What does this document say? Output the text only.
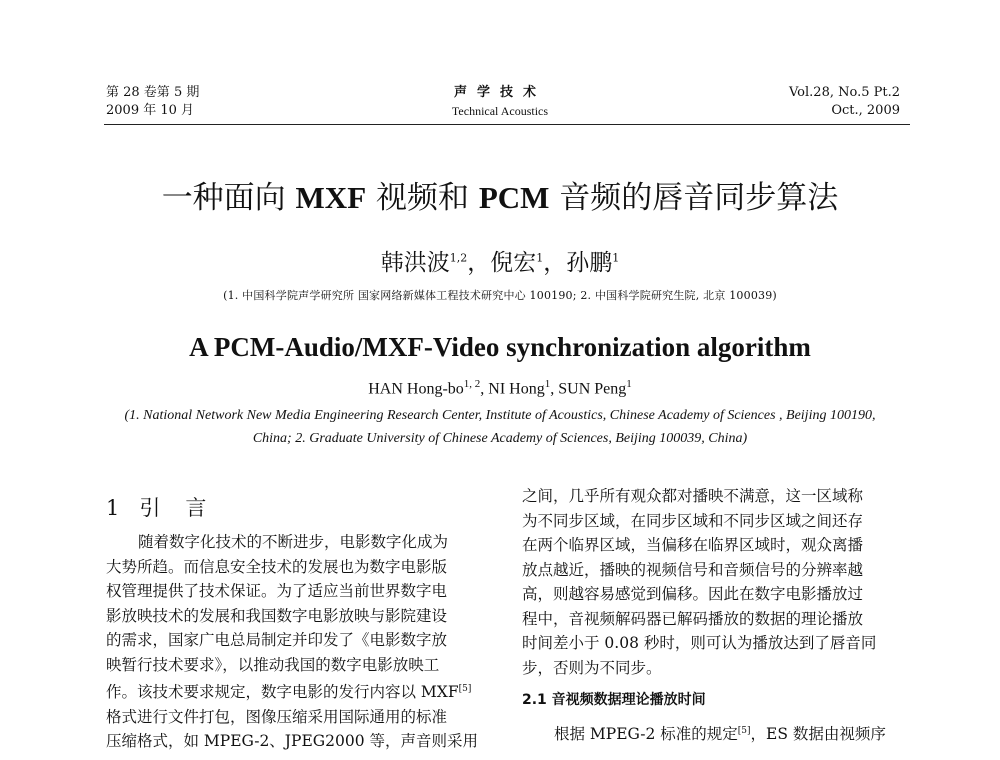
第 28 卷第 5 期
2009 年 10 月
声学技术
Technical Acoustics
Vol.28, No.5 Pt.2
Oct., 2009
一种面向 MXF 视频和 PCM 音频的唇音同步算法
韩洪波$^{1,2}$，倪宏$^1$，孙鹏$^1$
(1. 中国科学院声学研究所 国家网络新媒体工程技术研究中心 100190; 2. 中国科学院研究生院, 北京 100039)
A PCM-Audio/MXF-Video synchronization algorithm
HAN Hong-bo$^{1, 2}$, NI Hong$^1$, SUN Peng$^1$
(1. National Network New Media Engineering Research Center, Institute of Acoustics, Chinese Academy of Sciences , Beijing 100190,
China; 2. Graduate University of Chinese Academy of Sciences, Beijing 100039, China)
1 引　言
随着数字化技术的不断进步，电影数字化成为
大势所趋。而信息安全技术的发展也为数字电影版
权管理提供了技术保证。为了适应当前世界数字电
影放映技术的发展和我国数字电影放映与影院建设
的需求，国家广电总局制定并印发了《电影数字放
映暂行技术要求》，以推动我国的数字电影放映工
作。该技术要求规定，数字电影的发行内容以 MXF[5]
格式进行文件打包，图像压缩采用国际通用的标准
压缩格式，如 MPEG-2、JPEG2000 等，声音则采用
之间，几乎所有观众都对播映不满意，这一区域称
为不同步区域，在同步区域和不同步区域之间还存
在两个临界区域，当偏移在临界区域时，观众离播
放点越近，播映的视频信号和音频信号的分辨率越
高，则越容易感觉到偏移。因此在数字电影播放过
程中，音视频解码器已解码播放的数据的理论播放
时间差小于 0.08 秒时，则可认为播放达到了唇音同
步，否则为不同步。
2.1 音视频数据理论播放时间
根据 MPEG-2 标准的规定[5]，ES 数据由视频序
